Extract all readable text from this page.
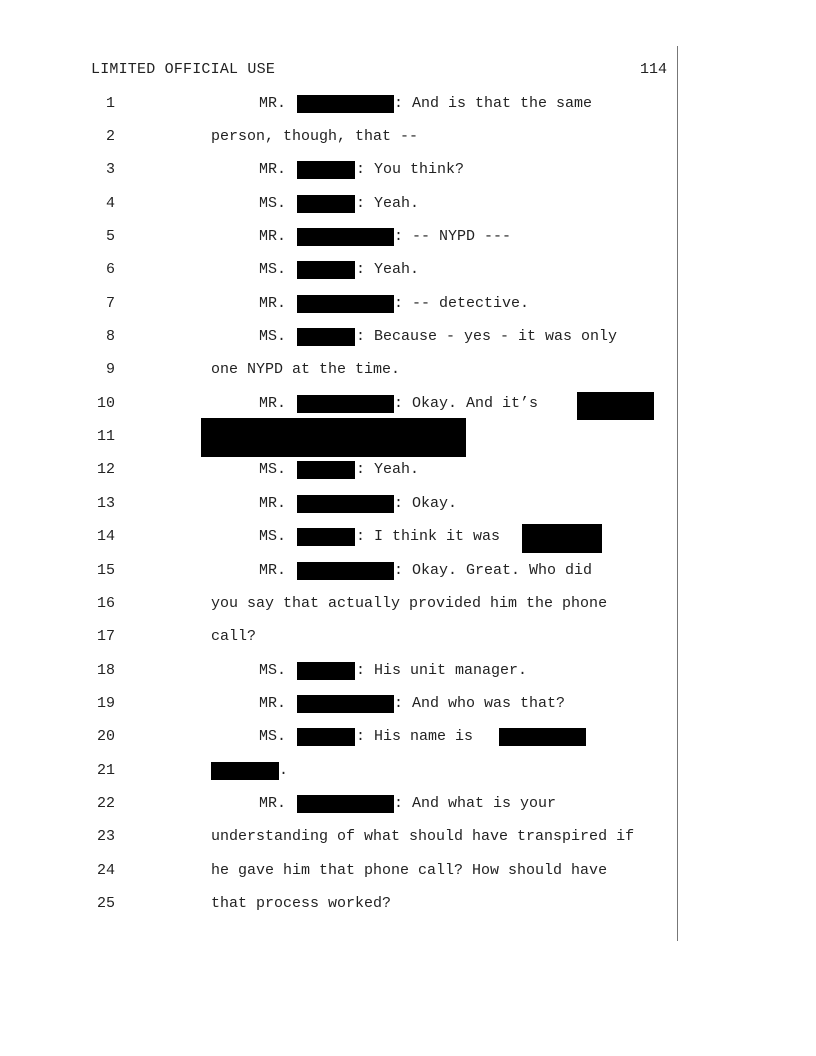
LIMITED OFFICIAL USE	114
1	MR.	: And is that the same
2	person, though, that --
3	MR.	: You think?
4	MS.	: Yeah.
5	MR.	: -- NYPD ---
6	MS.	: Yeah.
7	MR.	: -- detective.
8	MS.	: Because - yes - it was only
9	one NYPD at the time.
10	MR.	: Okay. And it’s
11
12	MS.	: Yeah.
13	MR.	: Okay.
14	MS.	: I think it was
15	MR.	: Okay. Great. Who did
16	you say that actually provided him the phone
17	call?
18	MS.	: His unit manager.
19	MR.	: And who was that?
20	MS.	: His name is
21	.
22	MR.	: And what is your
23	understanding of what should have transpired if
24	he gave him that phone call? How should have
25	that process worked?
